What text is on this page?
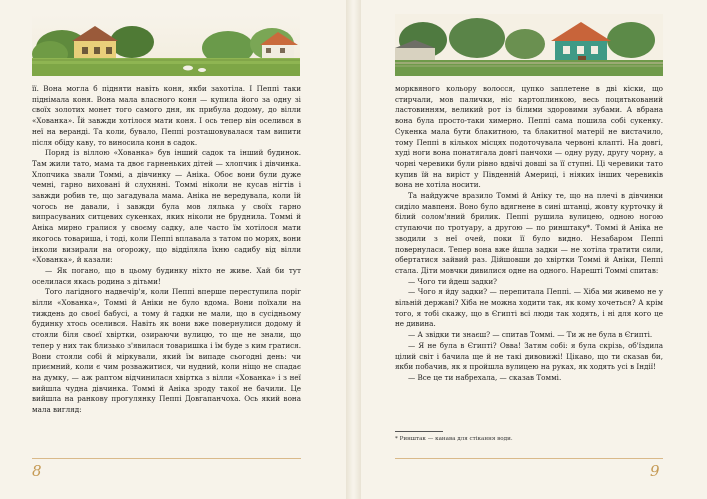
її. Вона могла б підняти навіть коня, якби захотіла. І Пеппі таки піднімала коня. Вона мала власного коня — купила його за одну зі своїх золотих монет того самого дня, як прибула додому, до вілли «Хованка». Їй завжди хотілося мати коня. І ось тепер він оселився в неї на веранді. Та коли, бувало, Пеппі розташовувалася там випити після обіду каву, то виносила коня в садок.

Поряд із віллою «Хованка» був інший садок та інший будинок. Там жили тато, мама та двоє гарненьких дітей — хлопчик і дівчинка. Хлопчика звали Томмі, а дівчинку — Аніка. Обоє вони були дуже чемні, гарно виховані й слухняні. Томмі ніколи не кусав нігтів і завжди робив те, що загадувала мама. Аніка не вередувала, коли їй чогось не давали, і завжди була мов лялька у своїх гарно випрасуваних ситцевих сукенках, яких ніколи не бруднила. Томмі й Аніка мирно гралися у своєму садку, але часто їм хотілося мати якогось товариша, і тоді, коли Пеппі вплавала з татом по морях, вони інколи визирали на огорожу, що відділяла їхню садибу від вілли «Хованка», й казали:

— Як погано, що в цьому будинку ніхто не живе. Хай би тут оселилася якась родина з дітьми!

Того лагідного надвечір'я, коли Пеппі вперше переступила поріг вілли «Хованка», Томмі й Аніки не було вдома. Вони поїхали на тиждень до своєї бабусі, а тому й гадки не мали, що в сусідньому будинку хтось оселився. Навіть як вони вже повернулися додому й стояли біля своєї хвіртки, озираючи вулицю, то ще не знали, що тепер у них так близько з'явилася товаришка і їм буде з ким гратися. Вони стояли собі й міркували, який їм випаде сьогодні день: чи приємний, коли є чим розважитися, чи нудний, коли ніщо не спадає на думку, — аж раптом відчинилася хвіртка з вілли «Хованка» і з неї вийшла чудна дівчинка. Томмі й Аніка зроду такої не бачили. Це вийшла на ранкову прогулянку Пеппі Довгапанчоха. Ось який вона мала вигляд:

8

морквяного кольору волосся, цупко заплетене в дві кіски, що стирчали, мов палички, ніс картоплинкою, весь поцятькований ластовинням, великий рот із білими здоровими зубами. А вбрана вона була просто-таки химерно. Пеппі сама пошила собі сукенку. Сукенка мала бути блакитною, та блакитної матерії не вистачило, тому Пеппі в кількох місцях подоточувала червоні клапті. На довгі, худі ноги вона понатягала довгі панчохи — одну руду, другу чорну, а чорні черевики були рівно вдвічі довші за її ступні. Ці черевики тато купив їй на виріст у Південній Америці, і ніяких інших черевиків вона не хотіла носити.

Та найдужче вразило Томмі й Аніку те, що на плечі в дівчинки сиділо мавпеня. Воно було вдягнене в сині штанці, жовту курточку й білий солом'яний брилик. Пеппі рушила вулицею, одною ногою ступаючи по тротуару, а другою — по ринштаку*. Томмі й Аніка не зводили з неї очей, поки її було видно. Незабаром Пеппі повернулася. Тепер вона вже йшла задки — не хотіла тратити сили, обертатися зайвий раз. Дійшовши до хвіртки Томмі й Аніки, Пеппі стала. Діти мовчки дивилися одне на одного. Нарешті Томмі спитав:

— Чого ти йдеш задки?

— Чого я йду задки? — перепитала Пеппі. — Хіба ми живемо не у вільній державі? Хіба не можна ходити так, як кому хочеться? А крім того, я тобі скажу, що в Єгипті всі люди так ходять, і ні для кого це не дивина.

— А звідки ти знаєш? — спитав Томмі. — Ти ж не була в Єгипті.

— Я не була в Єгипті? Овва! Затям собі: я була скрізь, об'їздила цілий світ і бачила ще й не такі дивовижі! Цікаво, що ти сказав би, якби побачив, як я пройшла вулицею на руках, як ходять усі в Індії!

— Все це ти набрехала, — сказав Томмі.

* Ринштак — канава для стікання води.
9
